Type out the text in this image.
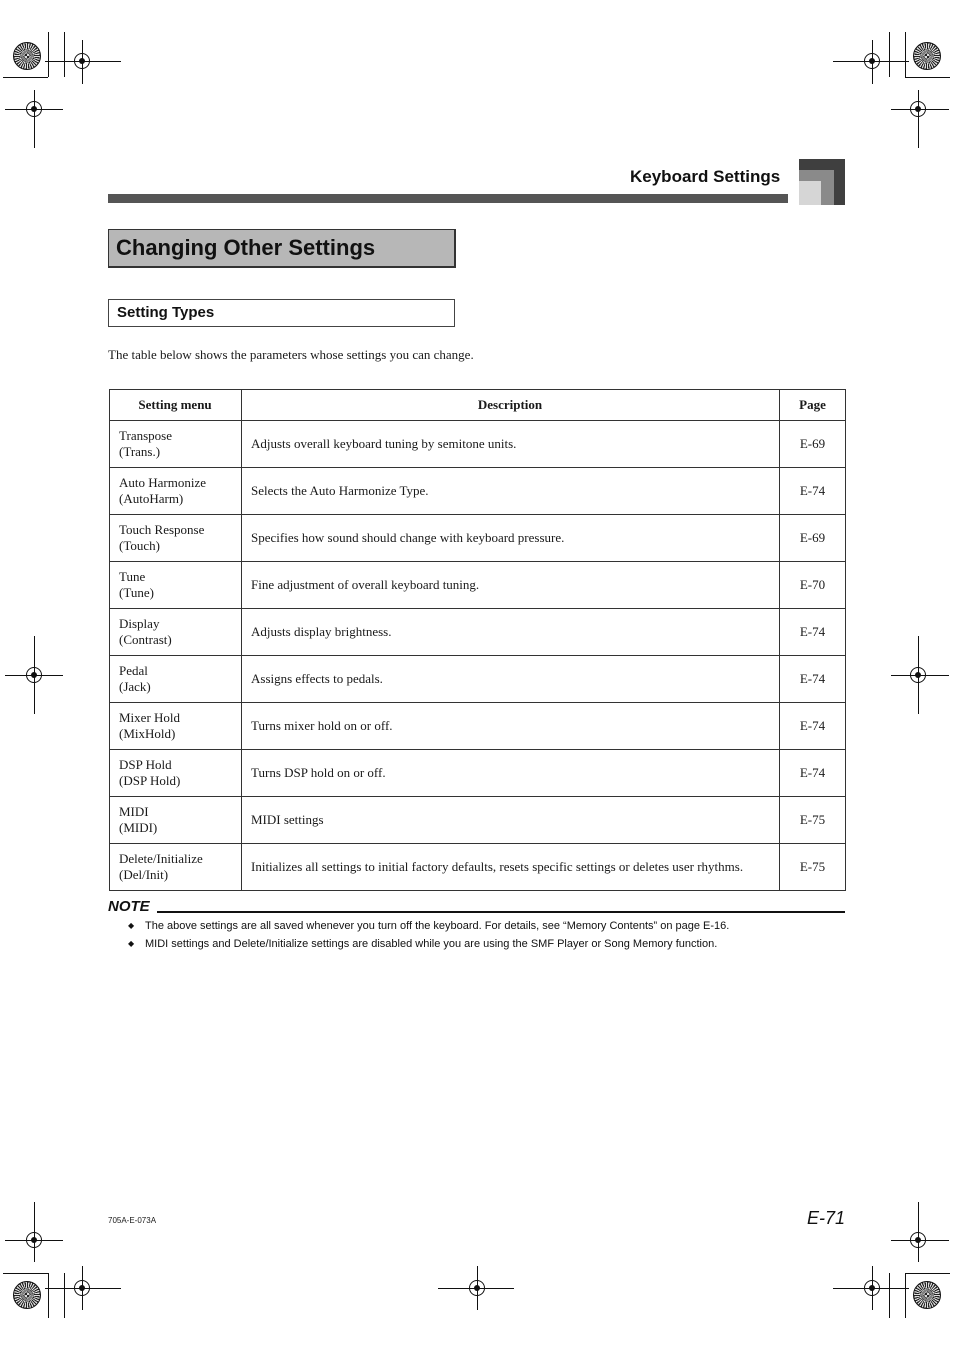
Keyboard Settings
Changing Other Settings
Setting Types
The table below shows the parameters whose settings you can change.
Setting menu	Description	Page
Transpose
(Trans.)	Adjusts overall keyboard tuning by semitone units.	E-69
Auto Harmonize
(AutoHarm)	Selects the Auto Harmonize Type.	E-74
Touch Response
(Touch)	Specifies how sound should change with keyboard pressure.	E-69
Tune
(Tune)	Fine adjustment of overall keyboard tuning.	E-70
Display
(Contrast)	Adjusts display brightness.	E-74
Pedal
(Jack)	Assigns effects to pedals.	E-74
Mixer Hold
(MixHold)	Turns mixer hold on or off.	E-74
DSP Hold
(DSP Hold)	Turns DSP hold on or off.	E-74
MIDI
(MIDI)	MIDI settings	E-75
Delete/Initialize
(Del/Init)	Initializes all settings to initial factory defaults, resets specific settings or deletes user rhythms.	E-75
NOTE
◆ The above settings are all saved whenever you turn off the keyboard. For details, see “Memory Contents” on page E-16.
◆ MIDI settings and Delete/Initialize settings are disabled while you are using the SMF Player or Song Memory function.
705A-E-073A	E-71
